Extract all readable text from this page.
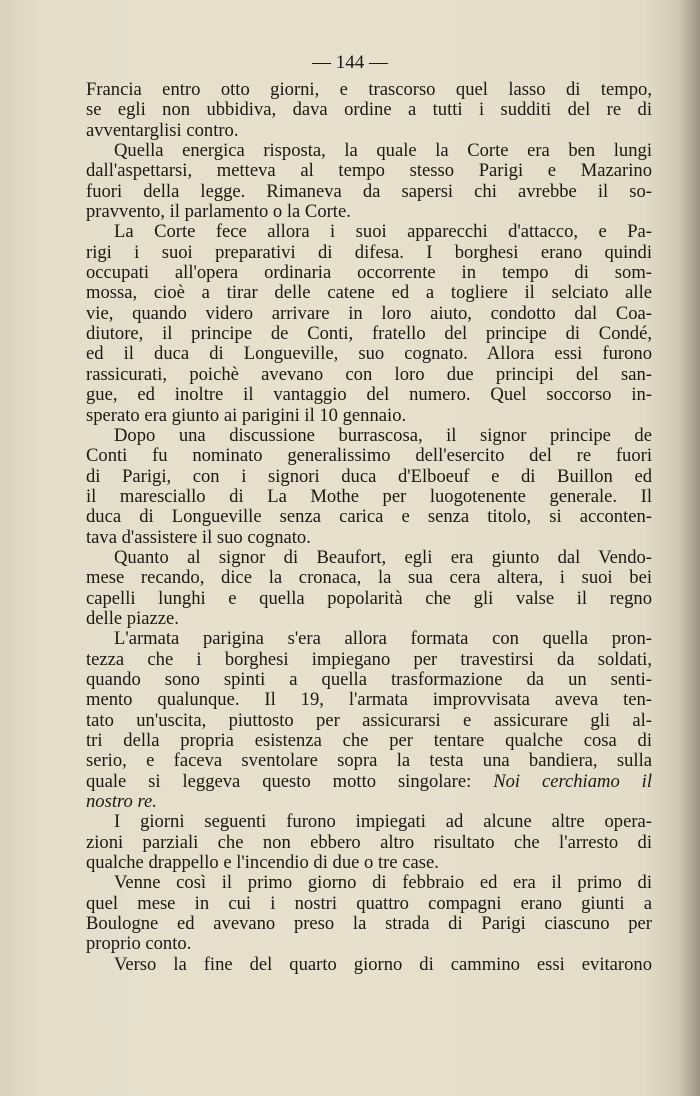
— 144 —
Francia entro otto giorni, e trascorso quel lasso di tempo,
se egli non ubbidiva, dava ordine a tutti i sudditi del re di
avventarglisi contro.
Quella energica risposta, la quale la Corte era ben lungi
dall'aspettarsi, metteva al tempo stesso Parigi e Mazarino
fuori della legge. Rimaneva da sapersi chi avrebbe il so-
pravvento, il parlamento o la Corte.
La Corte fece allora i suoi apparecchi d'attacco, e Pa-
rigi i suoi preparativi di difesa. I borghesi erano quindi
occupati all'opera ordinaria occorrente in tempo di som-
mossa, cioè a tirar delle catene ed a togliere il selciato alle
vie, quando videro arrivare in loro aiuto, condotto dal Coa-
diutore, il principe de Conti, fratello del principe di Condé,
ed il duca di Longueville, suo cognato. Allora essi furono
rassicurati, poichè avevano con loro due principi del san-
gue, ed inoltre il vantaggio del numero. Quel soccorso in-
sperato era giunto ai parigini il 10 gennaio.
Dopo una discussione burrascosa, il signor principe de
Conti fu nominato generalissimo dell'esercito del re fuori
di Parigi, con i signori duca d'Elboeuf e di Buillon ed
il maresciallo di La Mothe per luogotenente generale. Il
duca di Longueville senza carica e senza titolo, si acconten-
tava d'assistere il suo cognato.
Quanto al signor di Beaufort, egli era giunto dal Vendo-
mese recando, dice la cronaca, la sua cera altera, i suoi bei
capelli lunghi e quella popolarità che gli valse il regno
delle piazze.
L'armata parigina s'era allora formata con quella pron-
tezza che i borghesi impiegano per travestirsi da soldati,
quando sono spinti a quella trasformazione da un senti-
mento qualunque. Il 19, l'armata improvvisata aveva ten-
tato un'uscita, piuttosto per assicurarsi e assicurare gli al-
tri della propria esistenza che per tentare qualche cosa di
serio, e faceva sventolare sopra la testa una bandiera, sulla
quale si leggeva questo motto singolare: Noi cerchiamo il
nostro re.
I giorni seguenti furono impiegati ad alcune altre opera-
zioni parziali che non ebbero altro risultato che l'arresto di
qualche drappello e l'incendio di due o tre case.
Venne così il primo giorno di febbraio ed era il primo di
quel mese in cui i nostri quattro compagni erano giunti a
Boulogne ed avevano preso la strada di Parigi ciascuno per
proprio conto.
Verso la fine del quarto giorno di cammino essi evitarono
